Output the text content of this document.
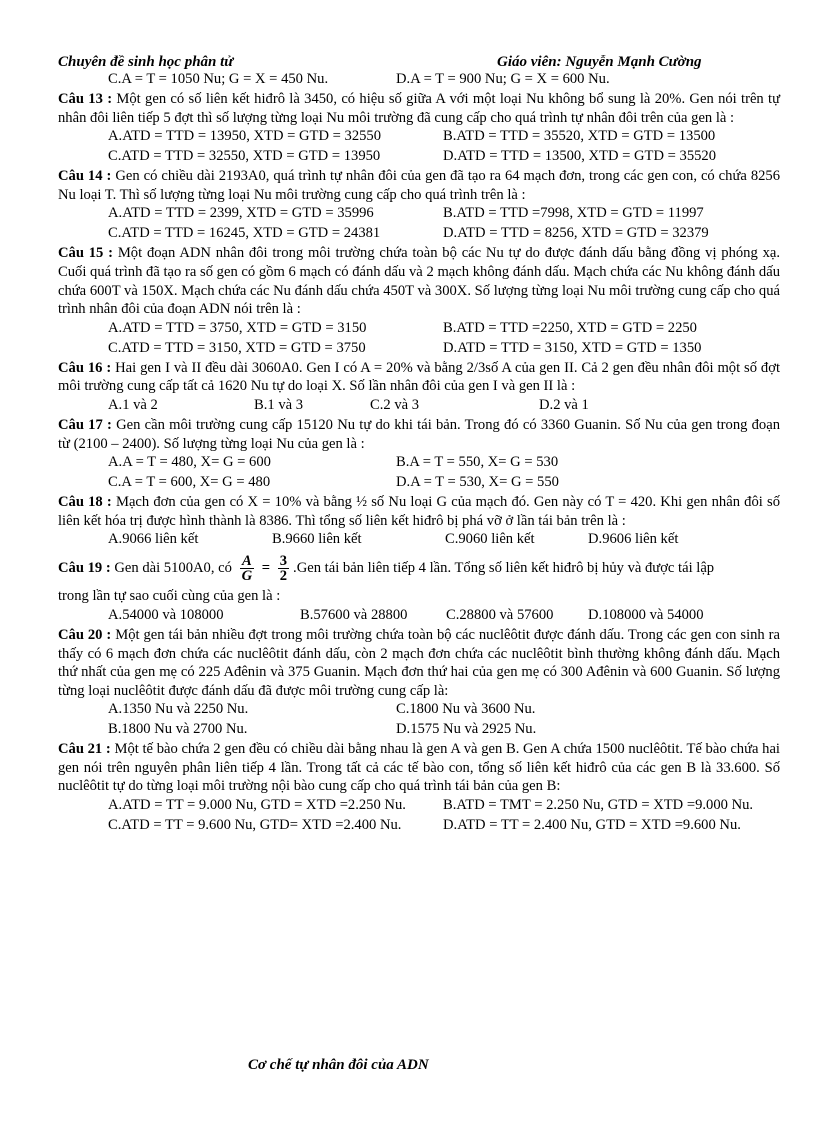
Chuyên đề sinh học phân tử	Giáo viên: Nguyễn Mạnh Cường
C.A = T = 1050 Nu; G = X = 450 Nu.	D.A = T = 900 Nu; G = X = 600 Nu.
Câu 13 : Một gen có số liên kết hiđrô là 3450, có hiệu số giữa A với một loại Nu không bổ sung là 20%. Gen nói trên tự nhân đôi liên tiếp 5 đợt thì số lượng từng loại Nu môi trường đã cung cấp cho quá trình tự nhân đôi trên của gen là :
A.ATD = TTD = 13950, XTD = GTD = 32550	B.ATD = TTD = 35520, XTD = GTD = 13500
C.ATD = TTD = 32550, XTD = GTD = 13950	D.ATD = TTD = 13500, XTD = GTD = 35520
Câu 14 : Gen có chiều dài 2193A0, quá trình tự nhân đôi của gen đã tạo ra 64 mạch đơn, trong các gen con, có chứa 8256 Nu loại T. Thì số lượng từng loại Nu môi trường cung cấp cho quá trình trên là :
A.ATD = TTD = 2399, XTD = GTD = 35996	B.ATD = TTD =7998, XTD = GTD = 11997
C.ATD = TTD = 16245, XTD = GTD = 24381	D.ATD = TTD = 8256, XTD = GTD = 32379
Câu 15 : Một đoạn ADN nhân đôi trong môi trường chứa toàn bộ các Nu tự do được đánh dấu bằng đồng vị phóng xạ. Cuối quá trình đã tạo ra số gen có gồm 6 mạch có đánh dấu và 2 mạch không đánh dấu. Mạch chứa các Nu không đánh dấu chứa 600T và 150X. Mạch chứa các Nu đánh dấu chứa 450T và 300X. Số lượng từng loại Nu môi trường cung cấp cho quá trình nhân đôi của đoạn ADN nói trên là :
A.ATD = TTD = 3750, XTD = GTD = 3150	B.ATD = TTD =2250, XTD = GTD = 2250
C.ATD = TTD = 3150, XTD = GTD = 3750	D.ATD = TTD = 3150, XTD = GTD = 1350
Câu 16 : Hai gen I và II đều dài 3060A0. Gen I có A = 20% và bằng 2/3số A của gen II. Cả 2 gen đều nhân đôi một số đợt môi trường cung cấp tất cả 1620 Nu tự do loại X. Số lần nhân đôi của gen I và gen II là :
A.1 và 2	B.1 và 3	C.2 và 3	D.2 và 1
Câu 17 : Gen cần môi trường cung cấp 15120 Nu tự do khi tái bản. Trong đó có 3360 Guanin. Số Nu của gen trong đoạn từ (2100 – 2400). Số lượng từng loại Nu của gen là :
A.A = T = 480, X= G = 600	B.A = T = 550, X= G = 530
C.A = T = 600, X= G = 480	D.A = T = 530, X= G = 550
Câu 18 : Mạch đơn của gen có X = 10% và bằng ½ số Nu loại G của mạch đó. Gen này có T = 420. Khi gen nhân đôi số liên kết hóa trị được hình thành là 8386. Thì tổng số liên kết hiđrô bị phá vỡ ở lần tái bản trên là :
A.9066 liên kết	B.9660 liên kết	C.9060 liên kết	D.9606 liên kết
Câu 19 : Gen dài 5100A0, có $\frac{A}{G} = \frac{3}{2} .Gen$ tái bản liên tiếp 4 lần. Tổng số liên kết hiđrô bị hủy và được tái lập
trong lần tự sao cuối cùng của gen là :
A.54000 và 108000	B.57600 và 28800	C.28800 và 57600 D.108000 và 54000
Câu 20 : Một gen tái bản nhiều đợt trong môi trường chứa toàn bộ các nuclêôtit được đánh dấu. Trong các gen con sinh ra thấy có 6 mạch đơn chứa các nuclêôtit đánh dấu, còn 2 mạch đơn chứa các nuclêôtit bình thường không đánh dấu. Mạch thứ nhất của gen mẹ có 225 Ađênin và 375 Guanin. Mạch đơn thứ hai của gen mẹ có 300 Ađênin và 600 Guanin. Số lượng từng loại nuclêôtit được đánh dấu đã được môi trường cung cấp là:
A.1350 Nu và 2250 Nu.	C.1800 Nu và 3600 Nu.
B.1800 Nu và 2700 Nu.	D.1575 Nu và 2925 Nu.
Câu 21 : Một tế bào chứa 2 gen đều có chiều dài bằng nhau là gen A và gen B. Gen A chứa 1500 nuclêôtit. Tế bào chứa hai gen nói trên nguyên phân liên tiếp 4 lần. Trong tất cả các tế bào con, tổng số liên kết hiđrô của các gen B là 33.600. Số nuclêôtit tự do từng loại môi trường nội bào cung cấp cho quá trình tái bản của gen B:
A.ATD = TT = 9.000 Nu, GTD = XTD =2.250 Nu.	B.ATD = TMT = 2.250 Nu, GTD = XTD =9.000 Nu.
C.ATD = TT = 9.600 Nu, GTD= XTD =2.400 Nu.	D.ATD = TT = 2.400 Nu, GTD = XTD =9.600 Nu.
Cơ chế tự nhân đôi của ADN
